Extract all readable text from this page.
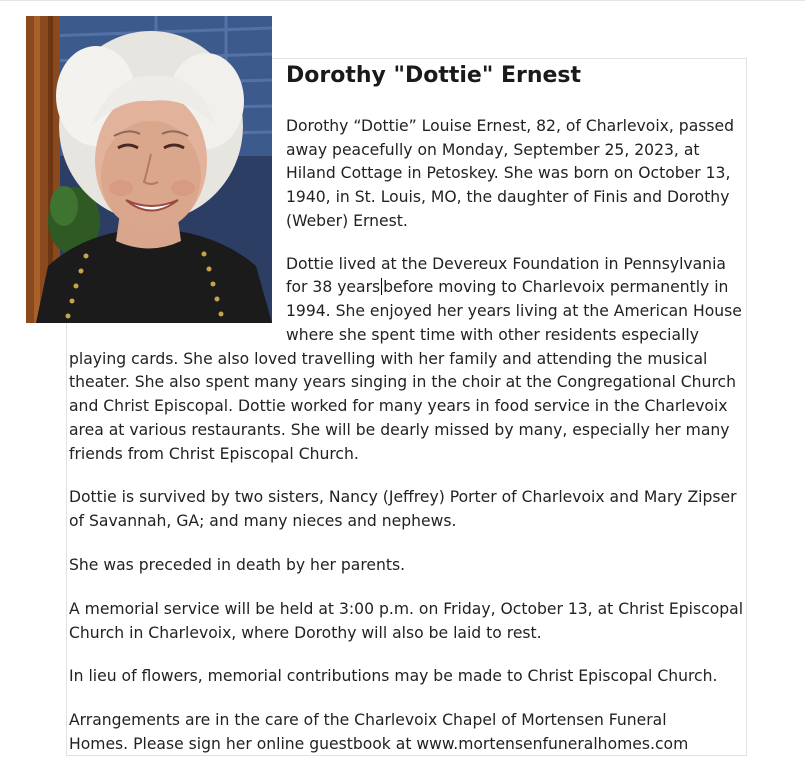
Dorothy "Dottie" Ernest
Dorothy “Dottie” Louise Ernest, 82, of Charlevoix, passed
away peacefully on Monday, September 25, 2023, at
Hiland Cottage in Petoskey. She was born on October 13,
1940, in St. Louis, MO, the daughter of Finis and Dorothy
(Weber) Ernest.
Dottie lived at the Devereux Foundation in Pennsylvania
for 38 years before moving to Charlevoix permanently in
1994. She enjoyed her years living at the American House
where she spent time with other residents especially
playing cards. She also loved travelling with her family and attending the musical
theater. She also spent many years singing in the choir at the Congregational Church
and Christ Episcopal. Dottie worked for many years in food service in the Charlevoix
area at various restaurants. She will be dearly missed by many, especially her many
friends from Christ Episcopal Church.
Dottie is survived by two sisters, Nancy (Jeffrey) Porter of Charlevoix and Mary Zipser
of Savannah, GA; and many nieces and nephews.
She was preceded in death by her parents.
A memorial service will be held at 3:00 p.m. on Friday, October 13, at Christ Episcopal
Church in Charlevoix, where Dorothy will also be laid to rest.
In lieu of flowers, memorial contributions may be made to Christ Episcopal Church.
Arrangements are in the care of the Charlevoix Chapel of Mortensen Funeral
Homes. Please sign her online guestbook at www.mortensenfuneralhomes.com
